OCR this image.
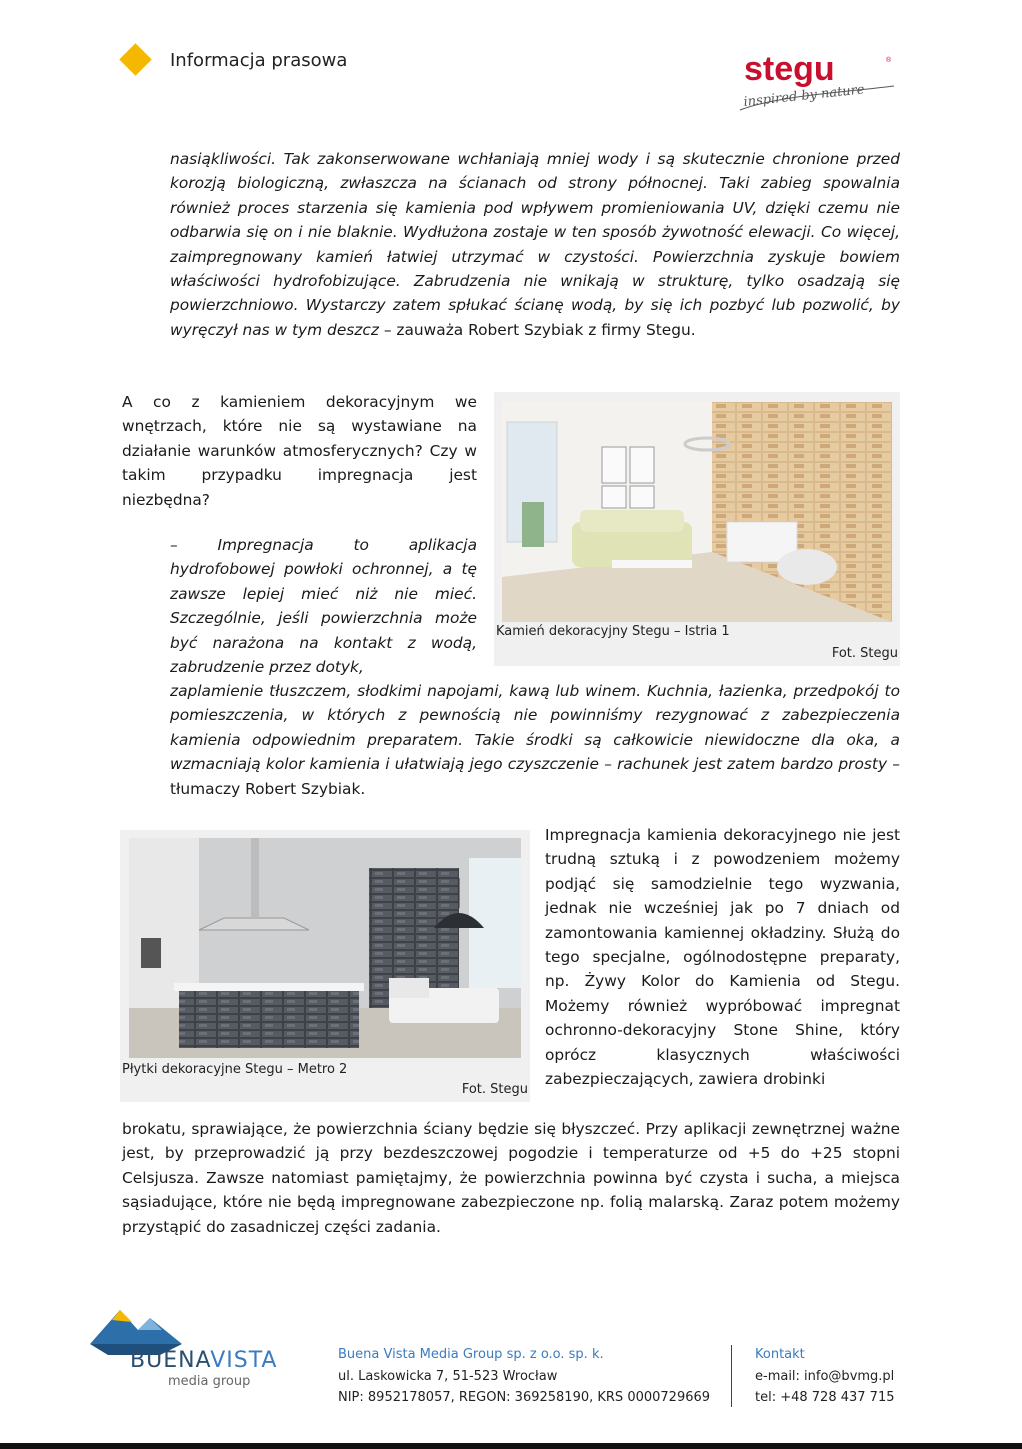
Informacja prasowa	stegu	®
inspired by nature

nasiąkliwości. Tak zakonserwowane wchłaniają mniej wody i są skutecznie chronione przed korozją biologiczną, zwłaszcza na ścianach od strony północnej. Taki zabieg spowalnia również proces starzenia się kamienia pod wpływem promieniowania UV, dzięki czemu nie odbarwia się on i nie blaknie. Wydłużona zostaje w ten sposób żywotność elewacji. Co więcej, zaimpregnowany kamień łatwiej utrzymać w czystości. Powierzchnia zyskuje bowiem właściwości hydrofobizujące. Zabrudzenia nie wnikają w strukturę, tylko osadzają się powierzchniowo. Wystarczy zatem spłukać ścianę wodą, by się ich pozbyć lub pozwolić, by wyręczył nas w tym deszcz – zauważa Robert Szybiak z firmy Stegu.

A co z kamieniem dekoracyjnym we wnętrzach, które nie są wystawiane na działanie warunków atmosferycznych? Czy w takim przypadku impregnacja jest niezbędna?

Kamień dekoracyjny Stegu – Istria 1
Fot. Stegu

– Impregnacja to aplikacja hydrofobowej powłoki ochronnej, a tę zawsze lepiej mieć niż nie mieć. Szczególnie, jeśli powierzchnia może być narażona na kontakt z wodą, zabrudzenie przez dotyk,

zaplamienie tłuszczem, słodkimi napojami, kawą lub winem. Kuchnia, łazienka, przedpokój to pomieszczenia, w których z pewnością nie powinniśmy rezygnować z zabezpieczenia kamienia odpowiednim preparatem. Takie środki są całkowicie niewidoczne dla oka, a wzmacniają kolor kamienia i ułatwiają jego czyszczenie – rachunek jest zatem bardzo prosty – tłumaczy Robert Szybiak.

Płytki dekoracyjne Stegu – Metro 2
Fot. Stegu

Impregnacja kamienia dekoracyjnego nie jest trudną sztuką i z powodzeniem możemy podjąć się samodzielnie tego wyzwania, jednak nie wcześniej jak po 7 dniach od zamontowania kamiennej okładziny. Służą do tego specjalne, ogólnodostępne preparaty, np. Żywy Kolor do Kamienia od Stegu. Możemy również wypróbować impregnat ochronno-dekoracyjny Stone Shine, który oprócz klasycznych właściwości zabezpieczających, zawiera drobinki

brokatu, sprawiające, że powierzchnia ściany będzie się błyszczeć. Przy aplikacji zewnętrznej ważne jest, by przeprowadzić ją przy bezdeszczowej pogodzie i temperaturze od +5 do +25 stopni Celsjusza. Zawsze natomiast pamiętajmy, że powierzchnia powinna być czysta i sucha, a miejsca sąsiadujące, które nie będą impregnowane zabezpieczone np. folią malarską. Zaraz potem możemy przystąpić do zasadniczej części zadania.

BUENAVISTA
media group
Buena Vista Media Group sp. z o.o. sp. k.
ul. Laskowicka 7, 51-523 Wrocław
NIP: 8952178057, REGON: 369258190, KRS 0000729669
Kontakt
e-mail: info@bvmg.pl
tel: +48 728 437 715
